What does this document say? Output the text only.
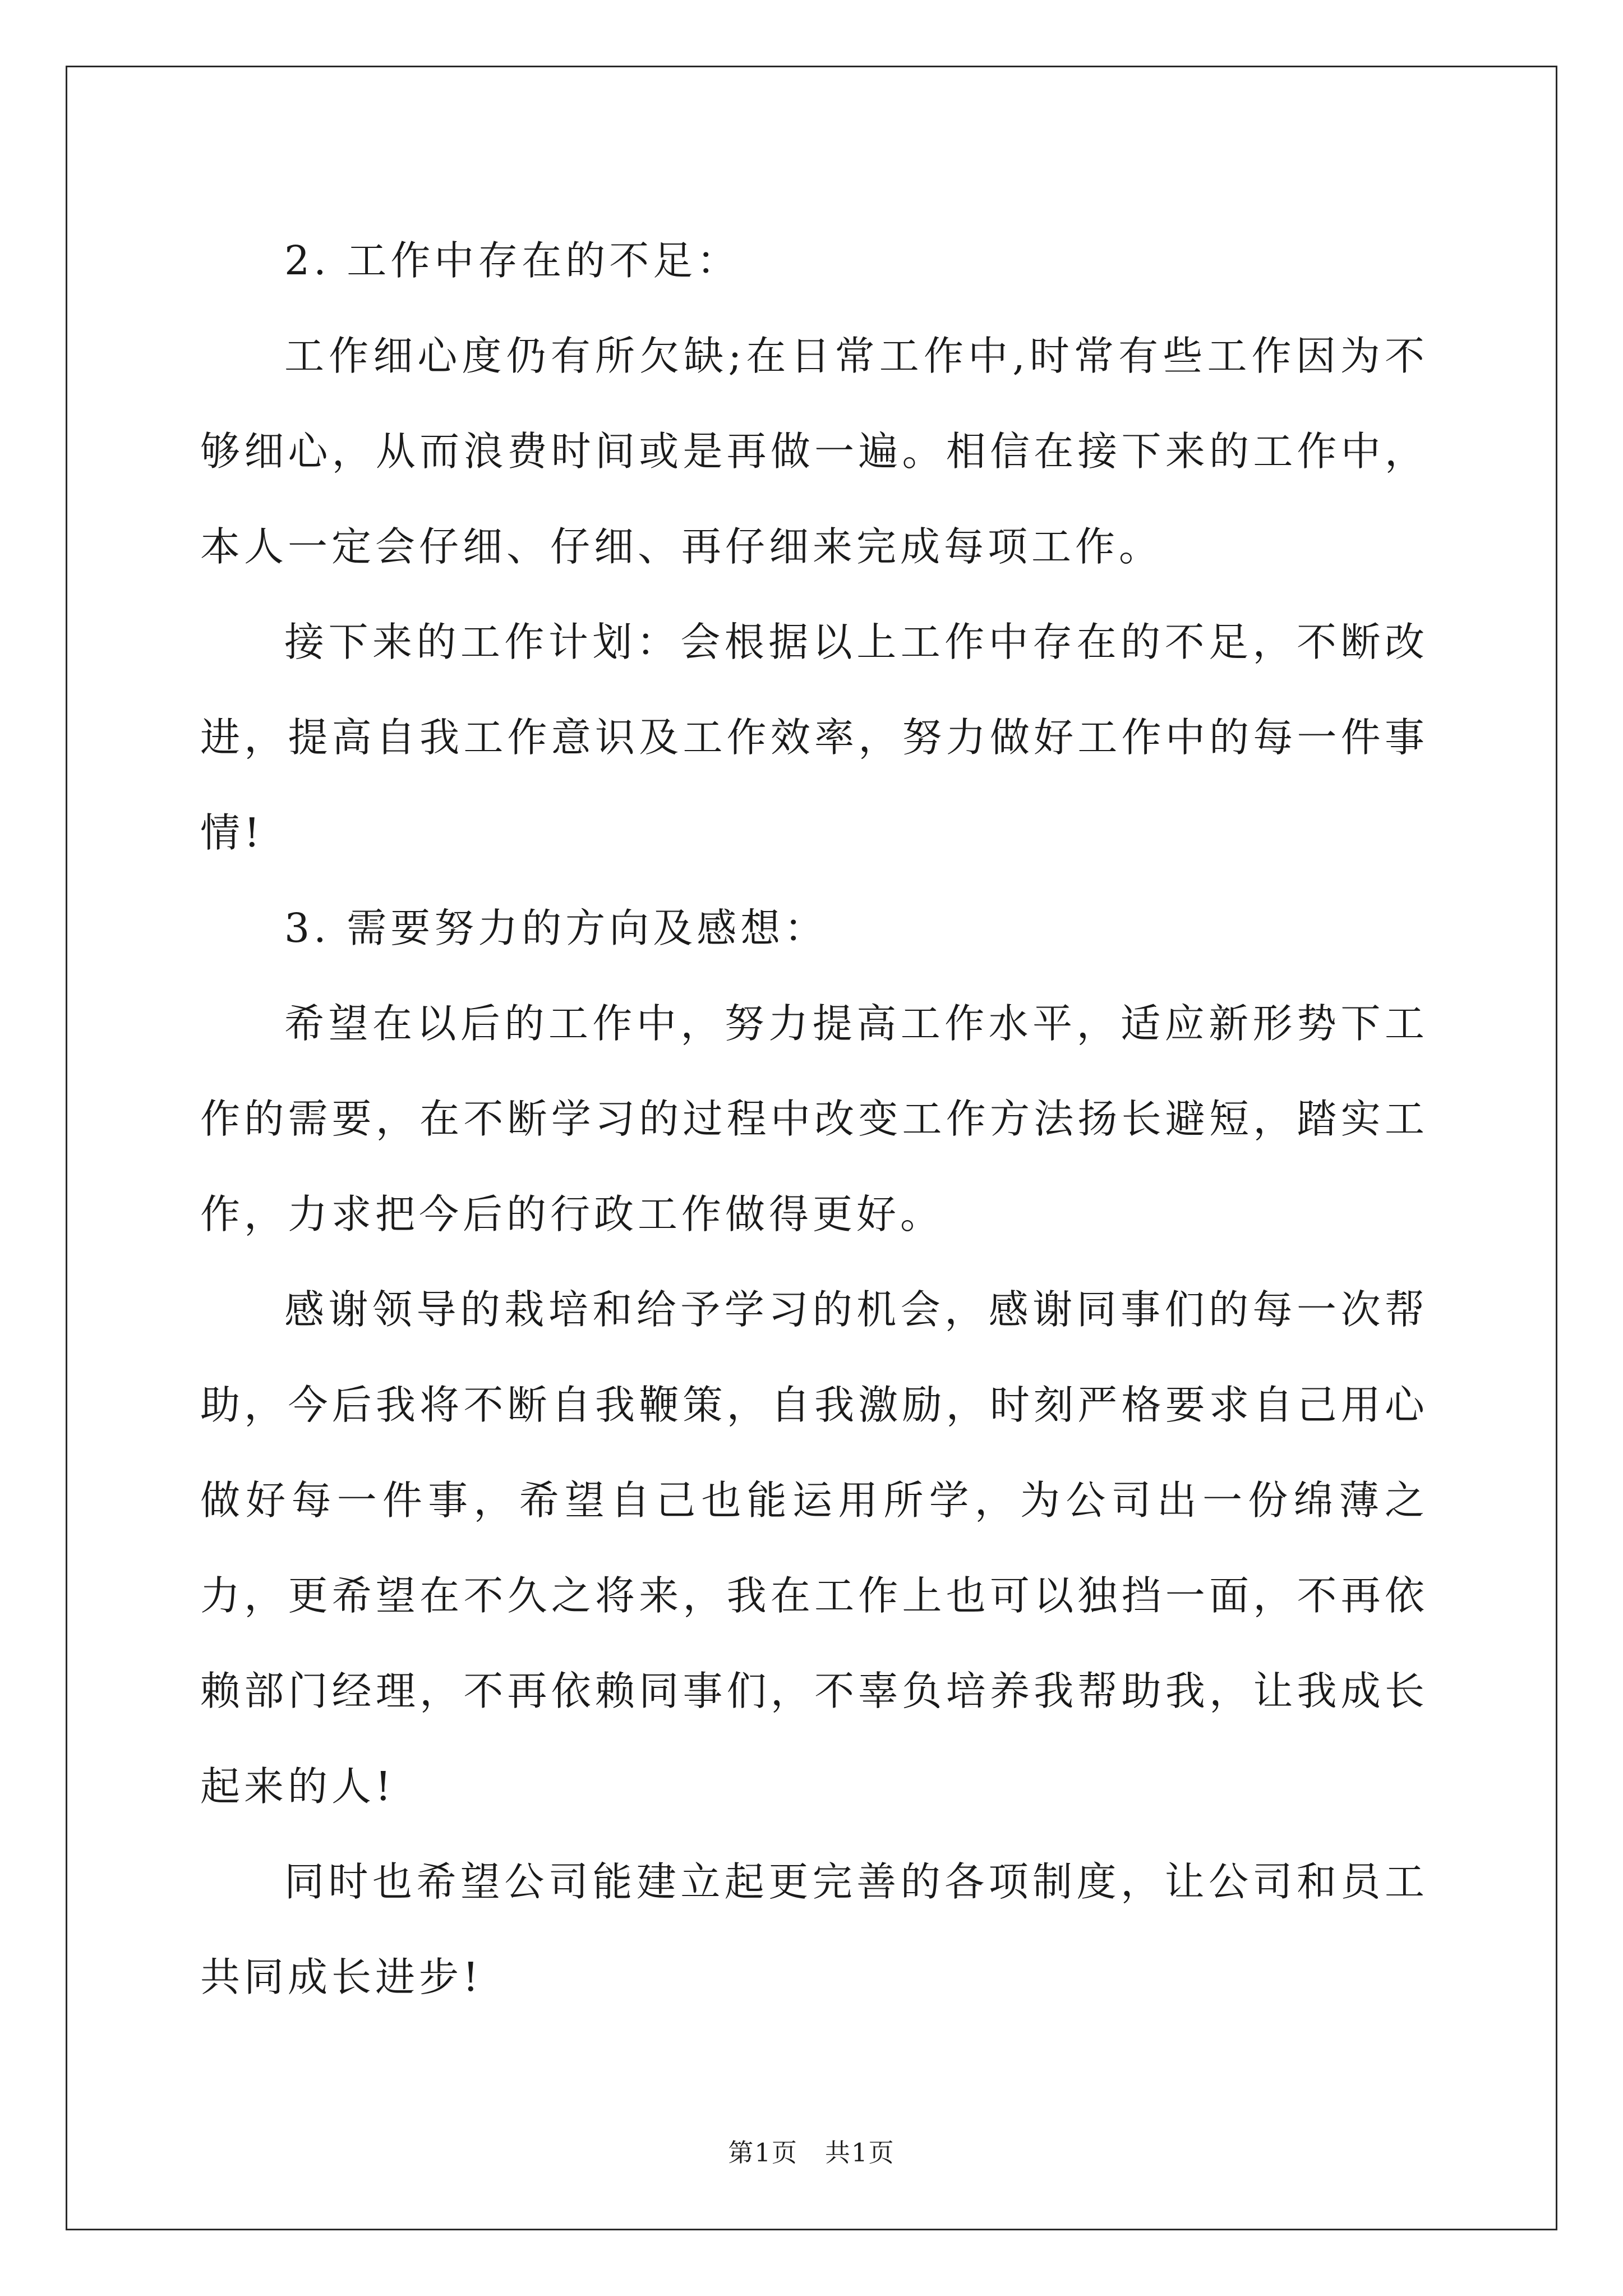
2. 工作中存在的不足：

工作细心度仍有所欠缺;在日常工作中,时常有些工作因为不够细心，从而浪费时间或是再做一遍。相信在接下来的工作中，本人一定会仔细、仔细、再仔细来完成每项工作。

接下来的工作计划：会根据以上工作中存在的不足，不断改进，提高自我工作意识及工作效率，努力做好工作中的每一件事情!

3. 需要努力的方向及感想：

希望在以后的工作中，努力提高工作水平，适应新形势下工作的需要，在不断学习的过程中改变工作方法扬长避短，踏实工作，力求把今后的行政工作做得更好。

感谢领导的栽培和给予学习的机会，感谢同事们的每一次帮助，今后我将不断自我鞭策，自我激励，时刻严格要求自己用心做好每一件事，希望自己也能运用所学，为公司出一份绵薄之力，更希望在不久之将来，我在工作上也可以独挡一面，不再依赖部门经理，不再依赖同事们，不辜负培养我帮助我，让我成长起来的人!

同时也希望公司能建立起更完善的各项制度，让公司和员工共同成长进步!

第1页 共1页
